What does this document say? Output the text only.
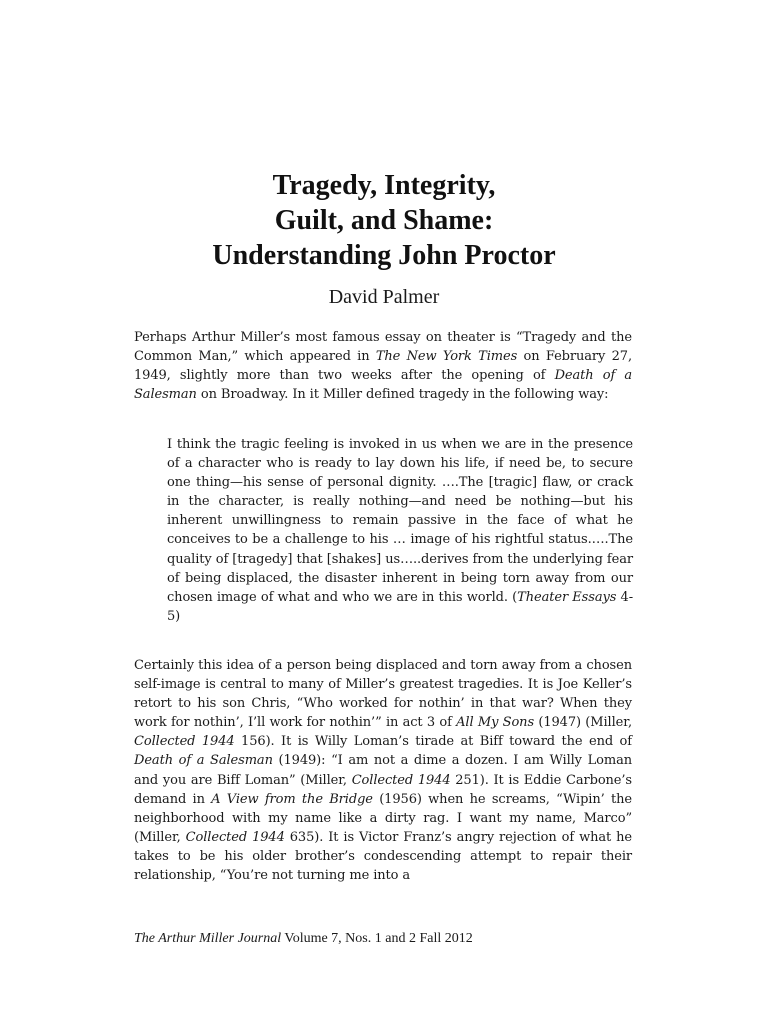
Tragedy, Integrity,
Guilt, and Shame:
Understanding John Proctor
David Palmer

Perhaps Arthur Miller’s most famous essay on theater is “Tragedy and the Common Man,” which appeared in The New York Times on February 27, 1949, slightly more than two weeks after the opening of Death of a Salesman on Broadway. In it Miller defined tragedy in the following way:

I think the tragic feeling is invoked in us when we are in the presence of a character who is ready to lay down his life, if need be, to secure one thing—his sense of personal dignity. ….The [tragic] flaw, or crack in the character, is really nothing—and need be nothing—but his inherent unwillingness to remain passive in the face of what he conceives to be a challenge to his … image of his rightful status.….The quality of [tragedy] that [shakes] us…..derives from the underlying fear of being displaced, the disaster inherent in being torn away from our chosen image of what and who we are in this world. (Theater Essays 4-5)

Certainly this idea of a person being displaced and torn away from a chosen self-image is central to many of Miller’s greatest tragedies. It is Joe Keller’s retort to his son Chris, “Who worked for nothin’ in that war? When they work for nothin’, I’ll work for nothin’” in act 3 of All My Sons (1947) (Miller, Collected 1944 156). It is Willy Loman’s tirade at Biff toward the end of Death of a Salesman (1949): “I am not a dime a dozen. I am Willy Loman and you are Biff Loman” (Miller, Collected 1944 251). It is Eddie Carbone’s demand in A View from the Bridge (1956) when he screams, “Wipin’ the neighborhood with my name like a dirty rag. I want my name, Marco” (Miller, Collected 1944 635). It is Victor Franz’s angry rejection of what he takes to be his older brother’s condescending attempt to repair their relationship, “You’re not turning me into a

The Arthur Miller Journal Volume 7, Nos. 1 and 2 Fall 2012
